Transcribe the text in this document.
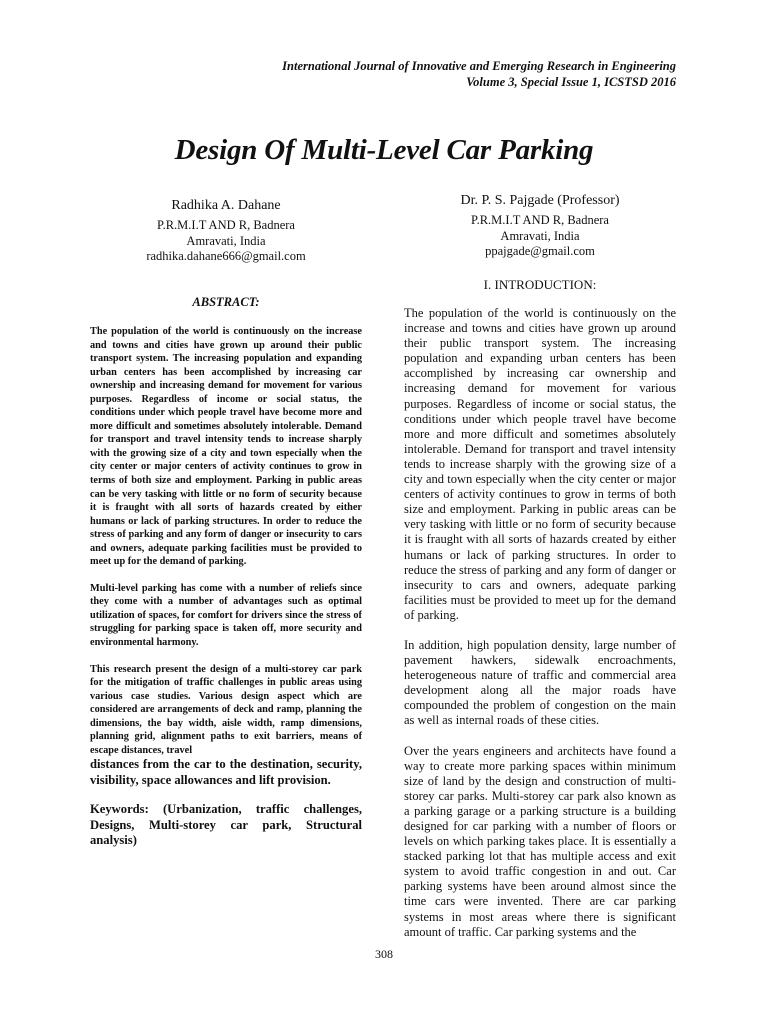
International Journal of Innovative and Emerging Research in Engineering
Volume 3, Special Issue 1, ICSTSD 2016
Design Of Multi-Level Car Parking
Radhika A. Dahane
P.R.M.I.T AND R, Badnera
Amravati, India
radhika.dahane666@gmail.com
Dr. P. S. Pajgade (Professor)
P.R.M.I.T AND R, Badnera
Amravati, India
ppajgade@gmail.com
ABSTRACT:
I. INTRODUCTION:

The population of the world is continuously on the increase and towns and cities have grown up around their public transport system. The increasing population and expanding urban centers has been accomplished by increasing car ownership and increasing demand for movement for various purposes. Regardless of income or social status, the conditions under which people travel have become more and more difficult and sometimes absolutely intolerable. Demand for transport and travel intensity tends to increase sharply with the growing size of a city and town especially when the city center or major centers of activity continues to grow in terms of both size and employment. Parking in public areas can be very tasking with little or no form of security because it is fraught with all sorts of hazards created by either humans or lack of parking structures. In order to reduce the stress of parking and any form of danger or insecurity to cars and owners, adequate parking facilities must be provided to meet up for the demand of parking.

Multi-level parking has come with a number of reliefs since they come with a number of advantages such as optimal utilization of spaces, for comfort for drivers since the stress of struggling for parking space is taken off, more security and environmental harmony.

This research present the design of a multi-storey car park for the mitigation of traffic challenges in public areas using various case studies. Various design aspect which are considered are arrangements of deck and ramp, planning the dimensions, the bay width, aisle width, ramp dimensions, planning grid, alignment paths to exit barriers, means of escape distances, travel

distances from the car to the destination, security, visibility, space allowances and lift provision.

Keywords: (Urbanization, traffic challenges, Designs, Multi-storey car park, Structural analysis)

The population of the world is continuously on the increase and towns and cities have grown up around their public transport system. The increasing population and expanding urban centers has been accomplished by increasing car ownership and increasing demand for movement for various purposes. Regardless of income or social status, the conditions under which people travel have become more and more difficult and sometimes absolutely intolerable. Demand for transport and travel intensity tends to increase sharply with the growing size of a city and town especially when the city center or major centers of activity continues to grow in terms of both size and employment. Parking in public areas can be very tasking with little or no form of security because it is fraught with all sorts of hazards created by either humans or lack of parking structures. In order to reduce the stress of parking and any form of danger or insecurity to cars and owners, adequate parking facilities must be provided to meet up for the demand of parking.

In addition, high population density, large number of pavement hawkers, sidewalk encroachments, heterogeneous nature of traffic and commercial area development along all the major roads have compounded the problem of congestion on the main as well as internal roads of these cities.

Over the years engineers and architects have found a way to create more parking spaces within minimum size of land by the design and construction of multi-storey car parks. Multi-storey car park also known as a parking garage or a parking structure is a building designed for car parking with a number of floors or levels on which parking takes place. It is essentially a stacked parking lot that has multiple access and exit system to avoid traffic congestion in and out. Car parking systems have been around almost since the time cars were invented. There are car parking systems in most areas where there is significant amount of traffic. Car parking systems and the

308
